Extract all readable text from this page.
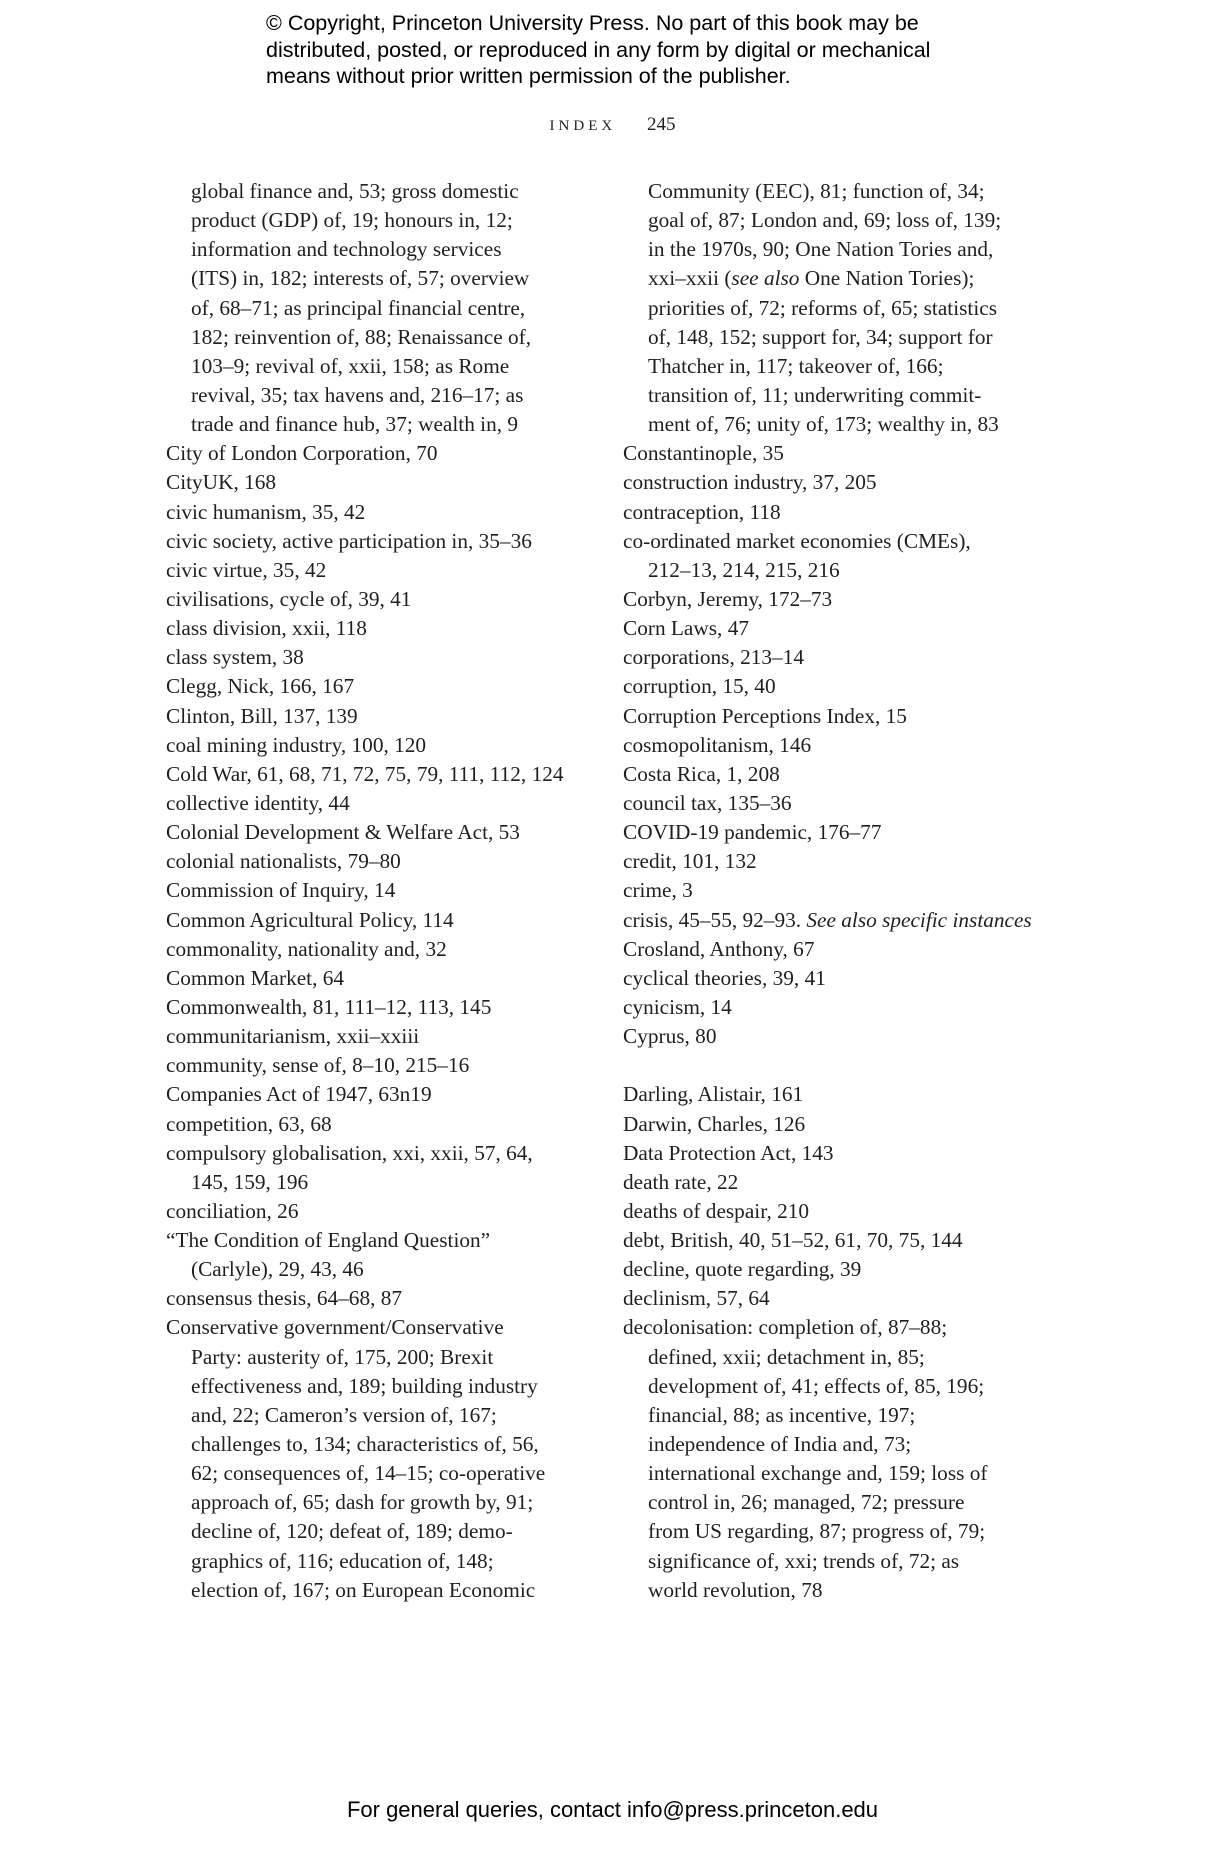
© Copyright, Princeton University Press. No part of this book may be
distributed, posted, or reproduced in any form by digital or mechanical
means without prior written permission of the publisher.
INDEX 245
global finance and, 53; gross domestic
product (GDP) of, 19; honours in, 12;
information and technology services
(ITS) in, 182; interests of, 57; overview
of, 68–71; as principal financial centre,
182; reinvention of, 88; Renaissance of,
103–9; revival of, xxii, 158; as Rome
revival, 35; tax havens and, 216–17; as
trade and finance hub, 37; wealth in, 9
City of London Corporation, 70
CityUK, 168
civic humanism, 35, 42
civic society, active participation in, 35–36
civic virtue, 35, 42
civilisations, cycle of, 39, 41
class division, xxii, 118
class system, 38
Clegg, Nick, 166, 167
Clinton, Bill, 137, 139
coal mining industry, 100, 120
Cold War, 61, 68, 71, 72, 75, 79, 111, 112, 124
collective identity, 44
Colonial Development & Welfare Act, 53
colonial nationalists, 79–80
Commission of Inquiry, 14
Common Agricultural Policy, 114
commonality, nationality and, 32
Common Market, 64
Commonwealth, 81, 111–12, 113, 145
communitarianism, xxii–xxiii
community, sense of, 8–10, 215–16
Companies Act of 1947, 63n19
competition, 63, 68
compulsory globalisation, xxi, xxii, 57, 64,
145, 159, 196
conciliation, 26
“The Condition of England Question”
(Carlyle), 29, 43, 46
consensus thesis, 64–68, 87
Conservative government/Conservative
Party: austerity of, 175, 200; Brexit
effectiveness and, 189; building industry
and, 22; Cameron’s version of, 167;
challenges to, 134; characteristics of, 56,
62; consequences of, 14–15; co-operative
approach of, 65; dash for growth by, 91;
decline of, 120; defeat of, 189; demo-
graphics of, 116; education of, 148;
election of, 167; on European Economic
Community (EEC), 81; function of, 34;
goal of, 87; London and, 69; loss of, 139;
in the 1970s, 90; One Nation Tories and,
xxi–xxii (see also One Nation Tories);
priorities of, 72; reforms of, 65; statistics
of, 148, 152; support for, 34; support for
Thatcher in, 117; takeover of, 166;
transition of, 11; underwriting commit-
ment of, 76; unity of, 173; wealthy in, 83
Constantinople, 35
construction industry, 37, 205
contraception, 118
co-ordinated market economies (CMEs),
212–13, 214, 215, 216
Corbyn, Jeremy, 172–73
Corn Laws, 47
corporations, 213–14
corruption, 15, 40
Corruption Perceptions Index, 15
cosmopolitanism, 146
Costa Rica, 1, 208
council tax, 135–36
COVID-19 pandemic, 176–77
credit, 101, 132
crime, 3
crisis, 45–55, 92–93. See also specific instances
Crosland, Anthony, 67
cyclical theories, 39, 41
cynicism, 14
Cyprus, 80
Darling, Alistair, 161
Darwin, Charles, 126
Data Protection Act, 143
death rate, 22
deaths of despair, 210
debt, British, 40, 51–52, 61, 70, 75, 144
decline, quote regarding, 39
declinism, 57, 64
decolonisation: completion of, 87–88;
defined, xxii; detachment in, 85;
development of, 41; effects of, 85, 196;
financial, 88; as incentive, 197;
independence of India and, 73;
international exchange and, 159; loss of
control in, 26; managed, 72; pressure
from US regarding, 87; progress of, 79;
significance of, xxi; trends of, 72; as
world revolution, 78
For general queries, contact info@press.princeton.edu
